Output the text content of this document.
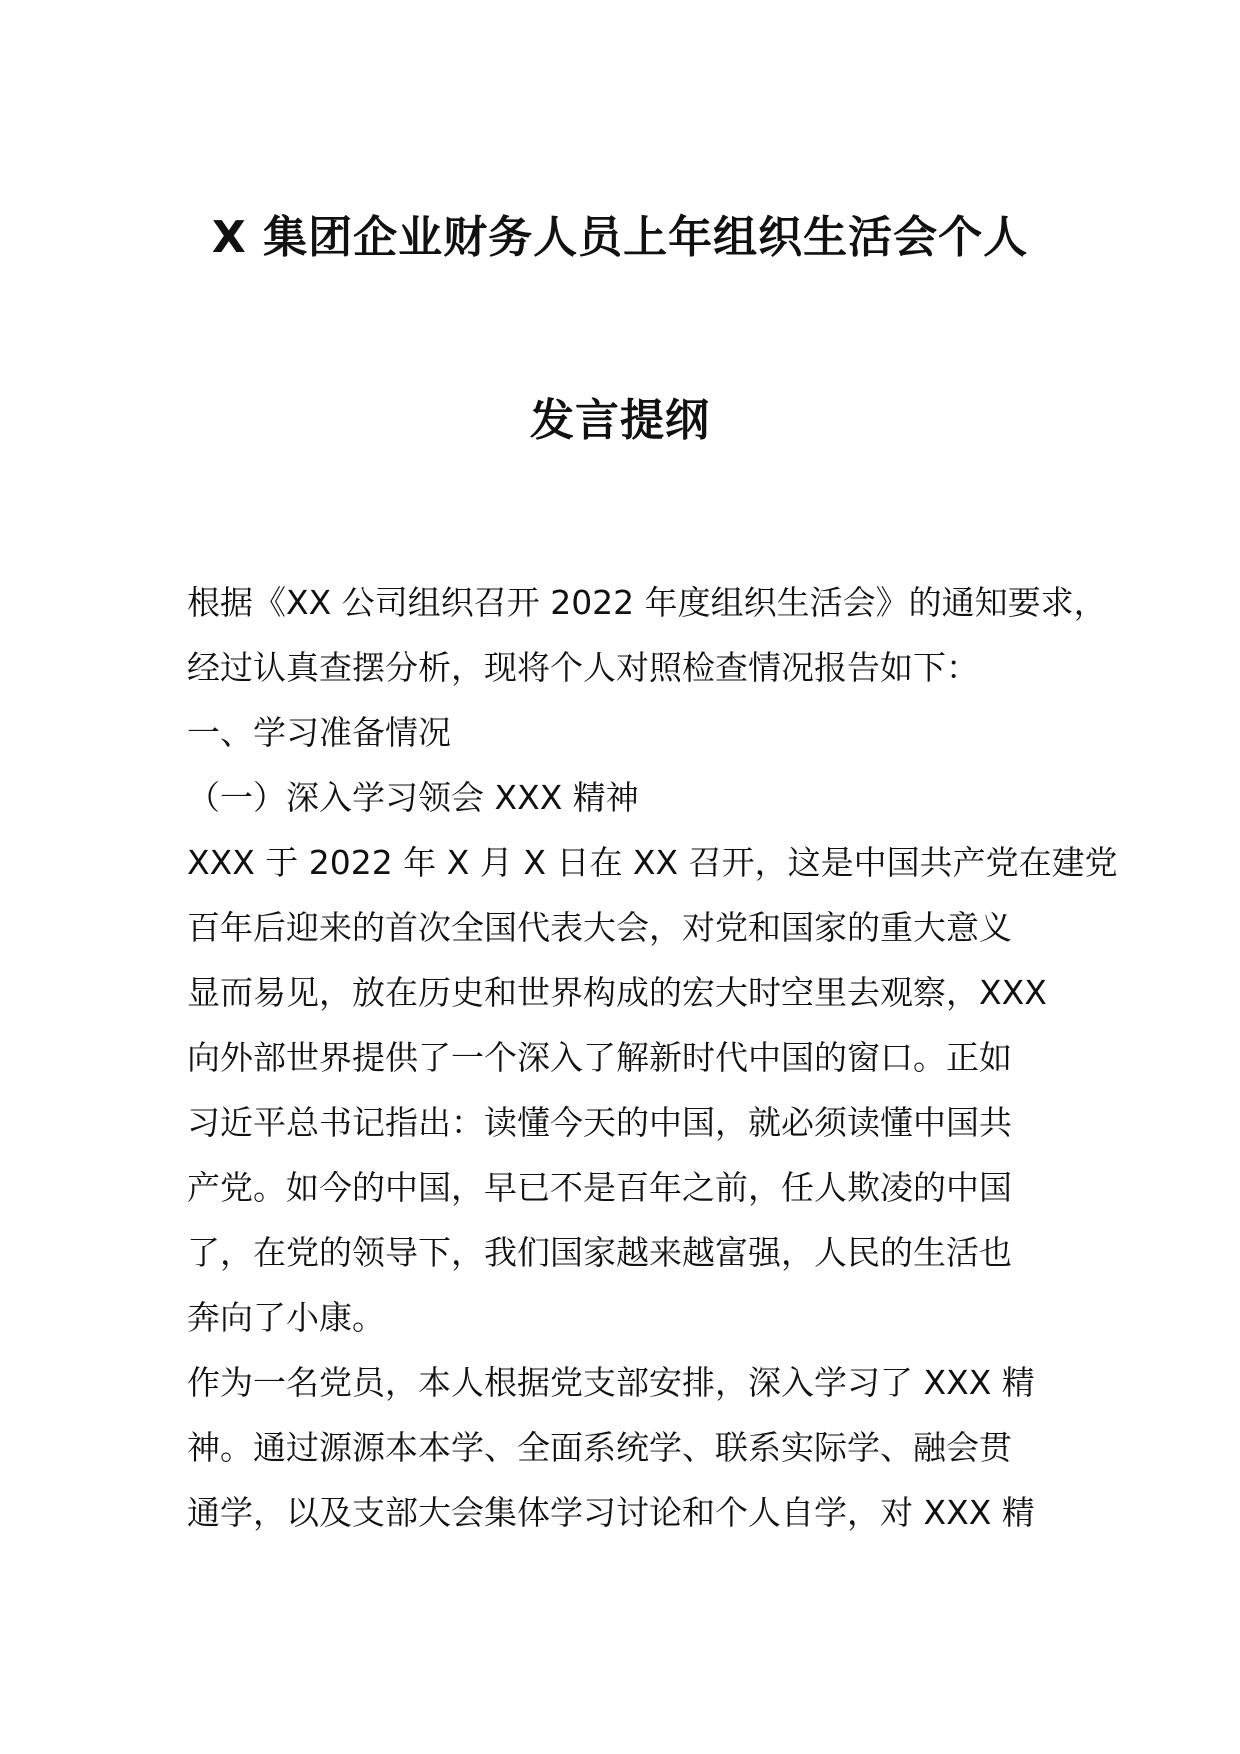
X 集团企业财务人员上年组织生活会个人
发言提纲
根据《XX 公司组织召开 2022 年度组织生活会》的通知要求，
经过认真查摆分析，现将个人对照检查情况报告如下：
一、学习准备情况
（一）深入学习领会 XXX 精神
XXX 于 2022 年 X 月 X 日在 XX 召开，这是中国共产党在建党
百年后迎来的首次全国代表大会，对党和国家的重大意义
显而易见，放在历史和世界构成的宏大时空里去观察，XXX
向外部世界提供了一个深入了解新时代中国的窗口。正如
习近平总书记指出：读懂今天的中国，就必须读懂中国共
产党。如今的中国，早已不是百年之前，任人欺凌的中国
了，在党的领导下，我们国家越来越富强，人民的生活也
奔向了小康。
作为一名党员，本人根据党支部安排，深入学习了 XXX 精
神。通过源源本本学、全面系统学、联系实际学、融会贯
通学，以及支部大会集体学习讨论和个人自学，对 XXX 精
